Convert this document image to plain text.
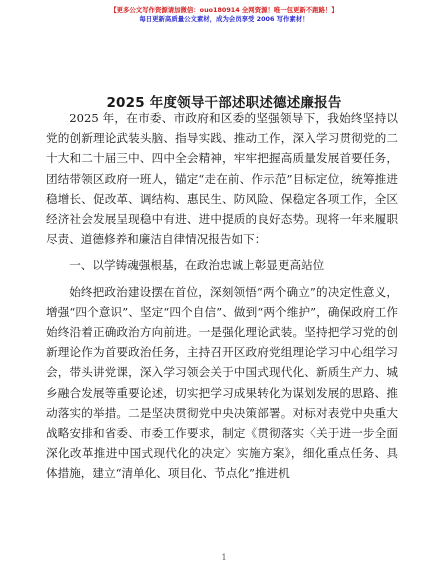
【更多公文写作资源请加微信：ouo180914 全网资源！唯一包更新不跑路！】
每日更新高质量公文素材，成为会员享受 2006 写作素材！
2025 年度领导干部述职述德述廉报告

2025 年，在市委、市政府和区委的坚强领导下，我始终坚持以党的创新理论武装头脑、指导实践、推动工作，深入学习贯彻党的二十大和二十届三中、四中全会精神，牢牢把握高质量发展首要任务，团结带领区政府一班人，锚定“走在前、作示范”目标定位，统筹推进稳增长、促改革、调结构、惠民生、防风险、保稳定各项工作，全区经济社会发展呈现稳中有进、进中提质的良好态势。现将一年来履职尽责、道德修养和廉洁自律情况报告如下：

一、以学铸魂强根基，在政治忠诚上彰显更高站位

始终把政治建设摆在首位，深刻领悟“两个确立”的决定性意义，增强“四个意识”、坚定“四个自信”、做到“两个维护”，确保政府工作始终沿着正确政治方向前进。一是强化理论武装。坚持把学习党的创新理论作为首要政治任务，主持召开区政府党组理论学习中心组学习会，带头讲党课，深入学习领会关于中国式现代化、新质生产力、城乡融合发展等重要论述，切实把学习成果转化为谋划发展的思路、推动落实的举措。二是坚决贯彻党中央决策部署。对标对表党中央重大战略安排和省委、市委工作要求，制定《贯彻落实〈关于进一步全面深化改革推进中国式现代化的决定〉实施方案》，细化重点任务、具体措施，建立“清单化、项目化、节点化”推进机

1
